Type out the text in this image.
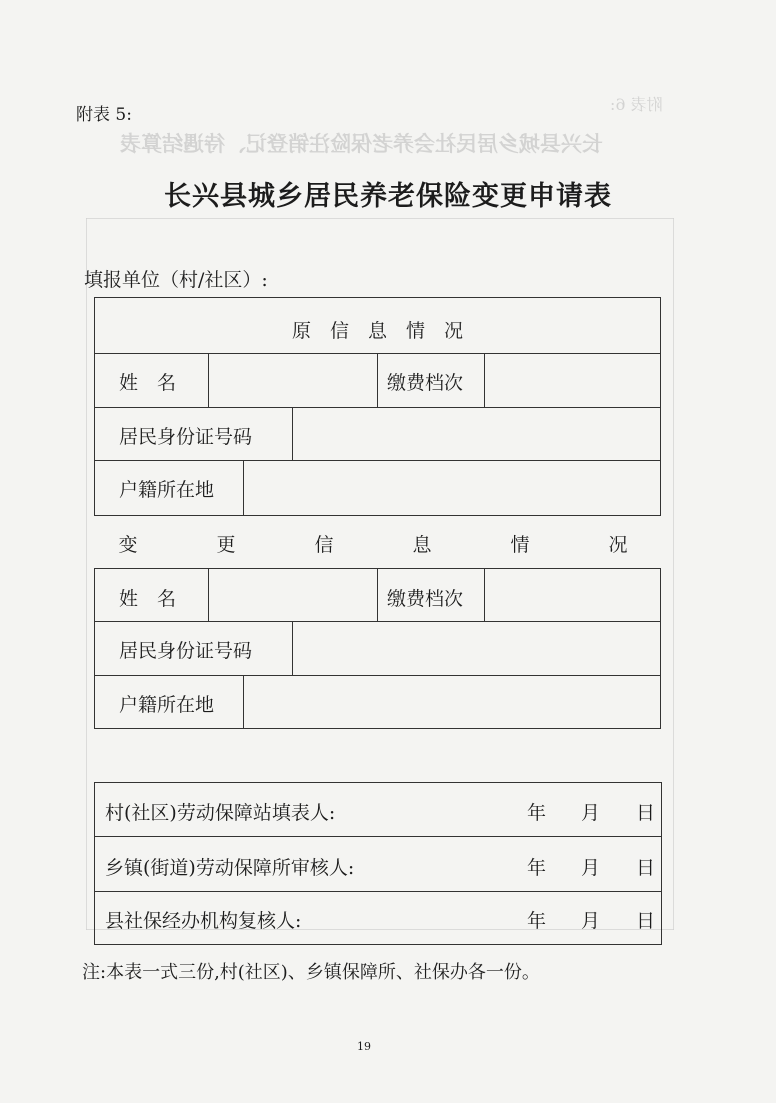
附表 6:
长兴县城乡居民社会养老保险注销登记、待遇结算表
附表 5:
长兴县城乡居民养老保险变更申请表
填报单位（村/社区）:
原　信　息　情　况
姓　名	缴费档次
居民身份证号码
户籍所在地
变　更　信　息　情　况
姓　名	缴费档次
居民身份证号码
户籍所在地
村(社区)劳动保障站填表人:	年 月 日
乡镇(街道)劳动保障所审核人:	年 月 日
县社保经办机构复核人:	年 月 日
注:本表一式三份,村(社区)、乡镇保障所、社保办各一份。
19
